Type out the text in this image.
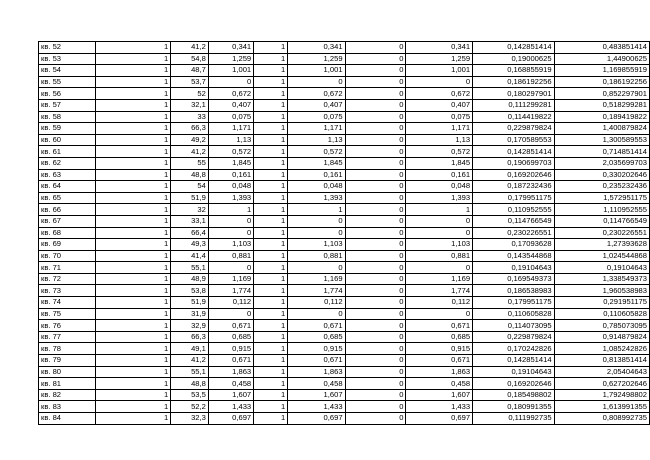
кв. 52	1	41,2	0,341	1	0,341	0	0,341	0,142851414	0,483851414
кв. 53	1	54,8	1,259	1	1,259	0	1,259	0,19000625	1,44900625
кв. 54	1	48,7	1,001	1	1,001	0	1,001	0,168855919	1,169855919
кв. 55	1	53,7	0	1	0	0	0	0,186192256	0,186192256
кв. 56	1	52	0,672	1	0,672	0	0,672	0,180297901	0,852297901
кв. 57	1	32,1	0,407	1	0,407	0	0,407	0,111299281	0,518299281
кв. 58	1	33	0,075	1	0,075	0	0,075	0,114419822	0,189419822
кв. 59	1	66,3	1,171	1	1,171	0	1,171	0,229879824	1,400879824
кв. 60	1	49,2	1,13	1	1,13	0	1,13	0,170589553	1,300589553
кв. 61	1	41,2	0,572	1	0,572	0	0,572	0,142851414	0,714851414
кв. 62	1	55	1,845	1	1,845	0	1,845	0,190699703	2,035699703
кв. 63	1	48,8	0,161	1	0,161	0	0,161	0,169202646	0,330202646
кв. 64	1	54	0,048	1	0,048	0	0,048	0,187232436	0,235232436
кв. 65	1	51,9	1,393	1	1,393	0	1,393	0,179951175	1,572951175
кв. 66	1	32	1	1	1	0	1	0,110952555	1,110952555
кв. 67	1	33,1	0	1	0	0	0	0,114766549	0,114766549
кв. 68	1	66,4	0	1	0	0	0	0,230226551	0,230226551
кв. 69	1	49,3	1,103	1	1,103	0	1,103	0,17093628	1,27393628
кв. 70	1	41,4	0,881	1	0,881	0	0,881	0,143544868	1,024544868
кв. 71	1	55,1	0	1	0	0	0	0,19104643	0,19104643
кв. 72	1	48,9	1,169	1	1,169	0	1,169	0,169549373	1,338549373
кв. 73	1	53,8	1,774	1	1,774	0	1,774	0,186538983	1,960538983
кв. 74	1	51,9	0,112	1	0,112	0	0,112	0,179951175	0,291951175
кв. 75	1	31,9	0	1	0	0	0	0,110605828	0,110605828
кв. 76	1	32,9	0,671	1	0,671	0	0,671	0,114073095	0,785073095
кв. 77	1	66,3	0,685	1	0,685	0	0,685	0,229879824	0,914879824
кв. 78	1	49,1	0,915	1	0,915	0	0,915	0,170242826	1,085242826
кв. 79	1	41,2	0,671	1	0,671	0	0,671	0,142851414	0,813851414
кв. 80	1	55,1	1,863	1	1,863	0	1,863	0,19104643	2,05404643
кв. 81	1	48,8	0,458	1	0,458	0	0,458	0,169202646	0,627202646
кв. 82	1	53,5	1,607	1	1,607	0	1,607	0,185498802	1,792498802
кв. 83	1	52,2	1,433	1	1,433	0	1,433	0,180991355	1,613991355
кв. 84	1	32,3	0,697	1	0,697	0	0,697	0,111992735	0,808992735
